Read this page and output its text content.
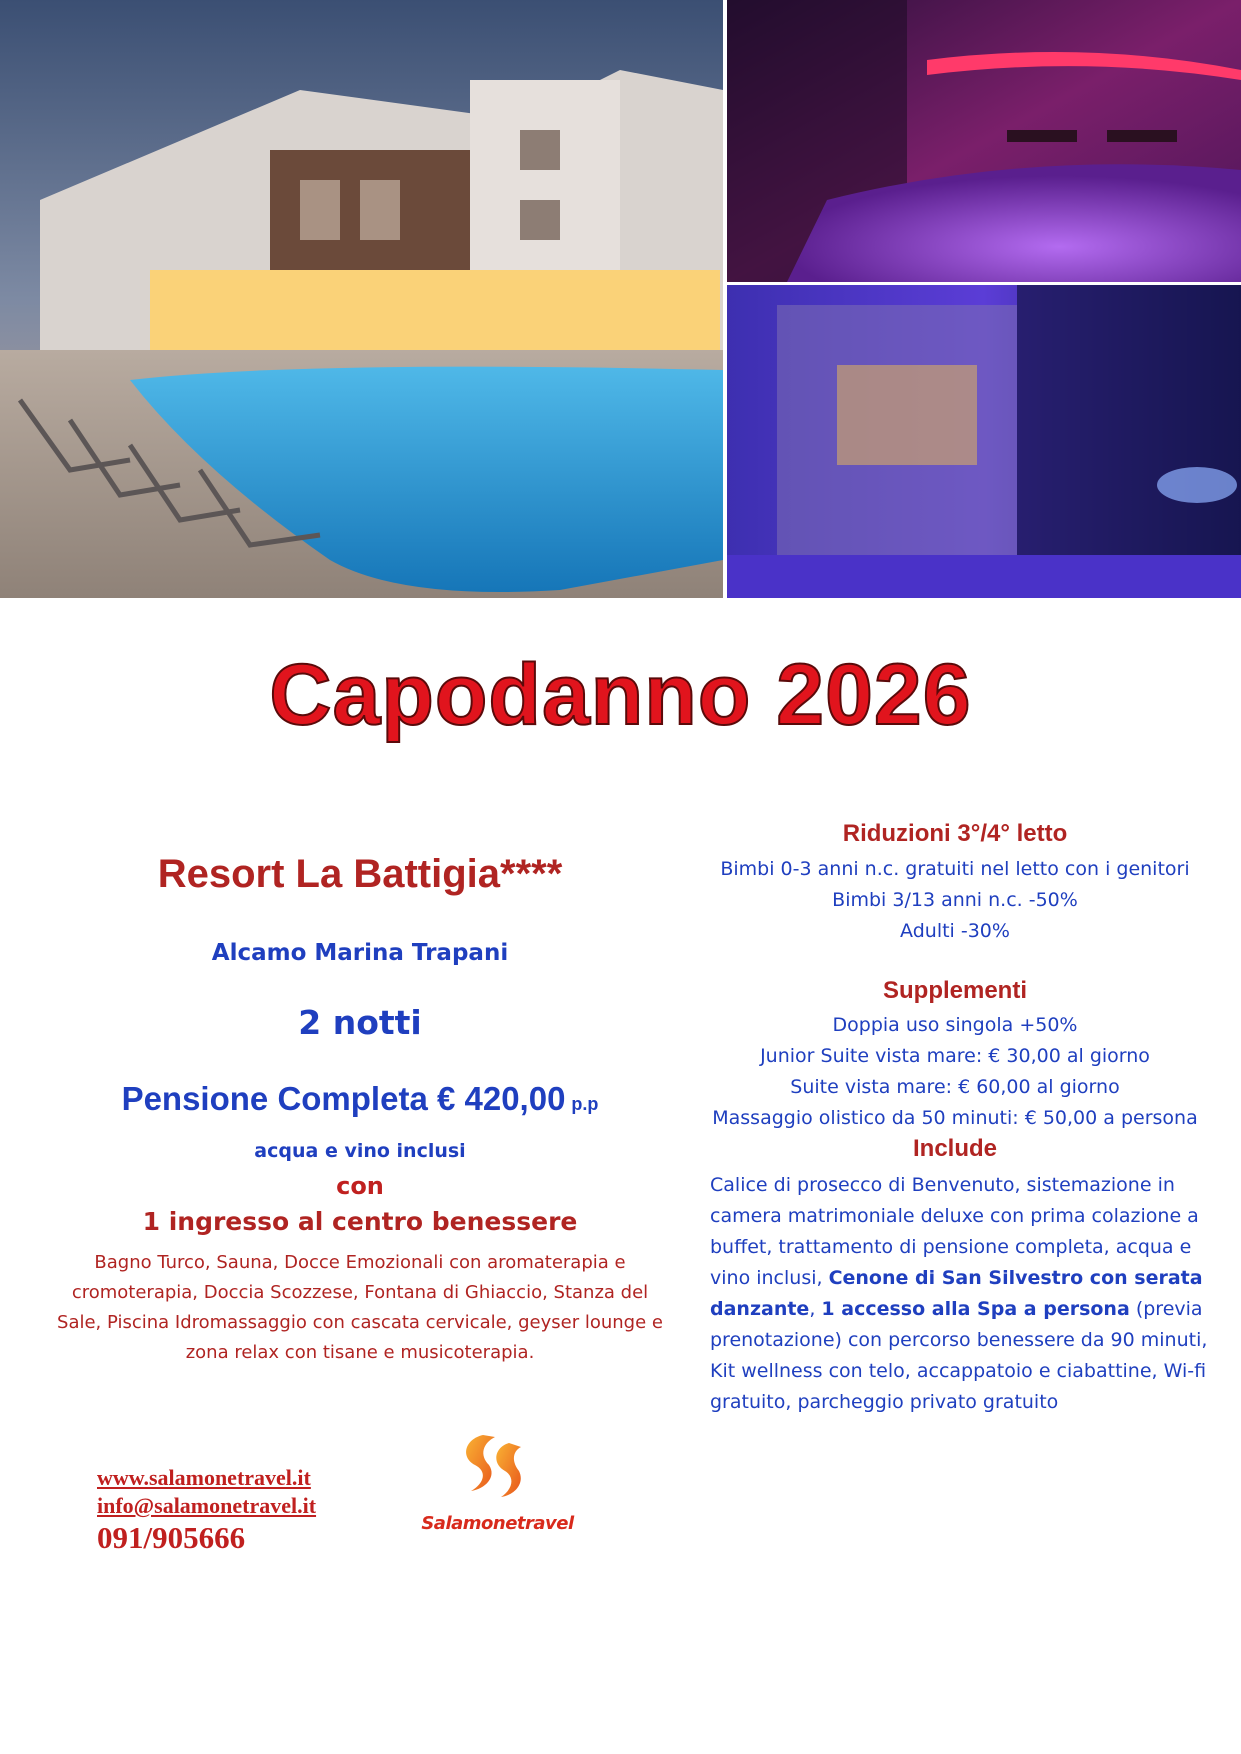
Capodanno 2026
Resort La Battigia****
Alcamo Marina Trapani
2 notti
Pensione Completa € 420,00 p.p
acqua e vino inclusi
con
1 ingresso al centro benessere
Bagno Turco, Sauna, Docce Emozionali con aromaterapia e cromoterapia, Doccia Scozzese, Fontana di Ghiaccio, Stanza del Sale, Piscina Idromassaggio con cascata cervicale, geyser lounge e zona relax con tisane e musicoterapia.
Riduzioni 3°/4° letto
Bimbi 0-3 anni n.c. gratuiti nel letto con i genitori
Bimbi 3/13 anni n.c. -50%
Adulti -30%
Supplementi
Doppia uso singola +50%
Junior Suite vista mare: € 30,00 al giorno
Suite vista mare: € 60,00 al giorno
Massaggio olistico da 50 minuti: € 50,00 a persona
Include
Calice di prosecco di Benvenuto, sistemazione in camera matrimoniale deluxe con prima colazione a buffet, trattamento di pensione completa, acqua e vino inclusi, Cenone di San Silvestro con serata danzante, 1 accesso alla Spa a persona (previa prenotazione) con percorso benessere da 90 minuti, Kit wellness con telo, accappatoio e ciabattine, Wi-fi gratuito, parcheggio privato gratuito
www.salamonetravel.it
info@salamonetravel.it
091/905666	Salamonetravel
